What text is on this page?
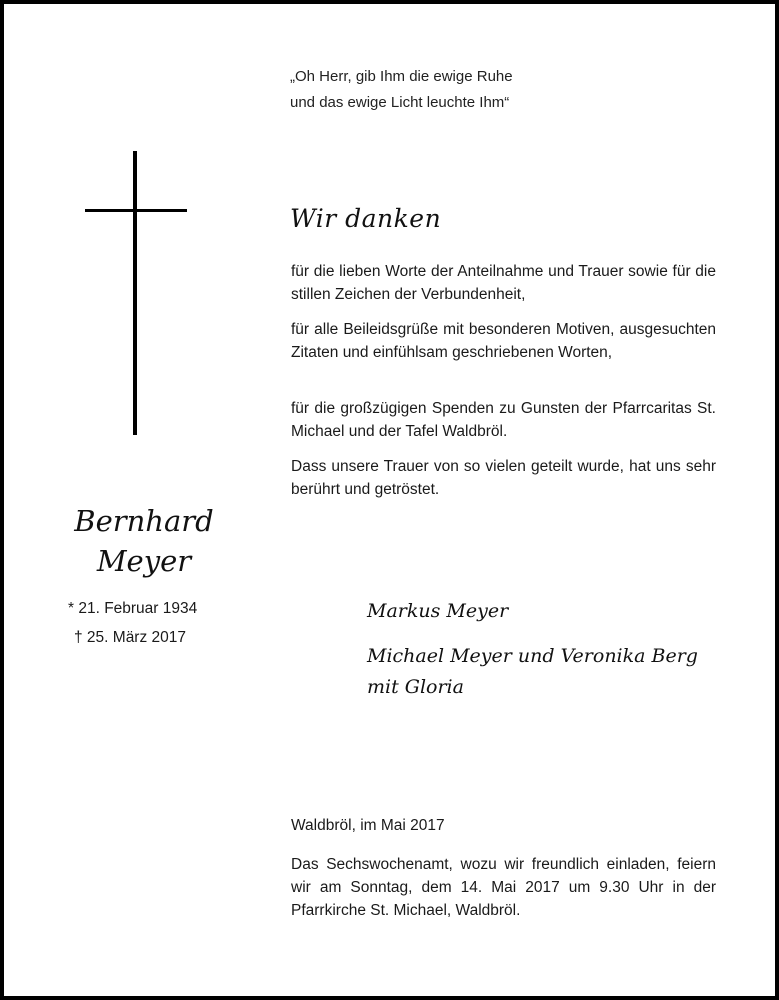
„Oh Herr, gib Ihm die ewige Ruhe
und das ewige Licht leuchte Ihm“
Wir danken
für die lieben Worte der Anteilnahme und Trauer sowie für die stillen Zeichen der Verbundenheit,
für alle Beileidsgrüße mit besonderen Motiven, ausgesuchten Zitaten und einfühlsam geschriebenen Worten,
für die großzügigen Spenden zu Gunsten der Pfarrcaritas St. Michael und der Tafel Waldbröl.
Dass unsere Trauer von so vielen geteilt wurde, hat uns sehr berührt und getröstet.
Bernhard
Meyer
* 21. Februar 1934
† 25. März 2017
Markus Meyer
Michael Meyer und Veronika Berg
mit Gloria
Waldbröl, im Mai 2017
Das Sechswochenamt, wozu wir freundlich einladen, feiern wir am Sonntag, dem 14. Mai 2017 um 9.30 Uhr in der Pfarrkirche St. Michael, Waldbröl.
